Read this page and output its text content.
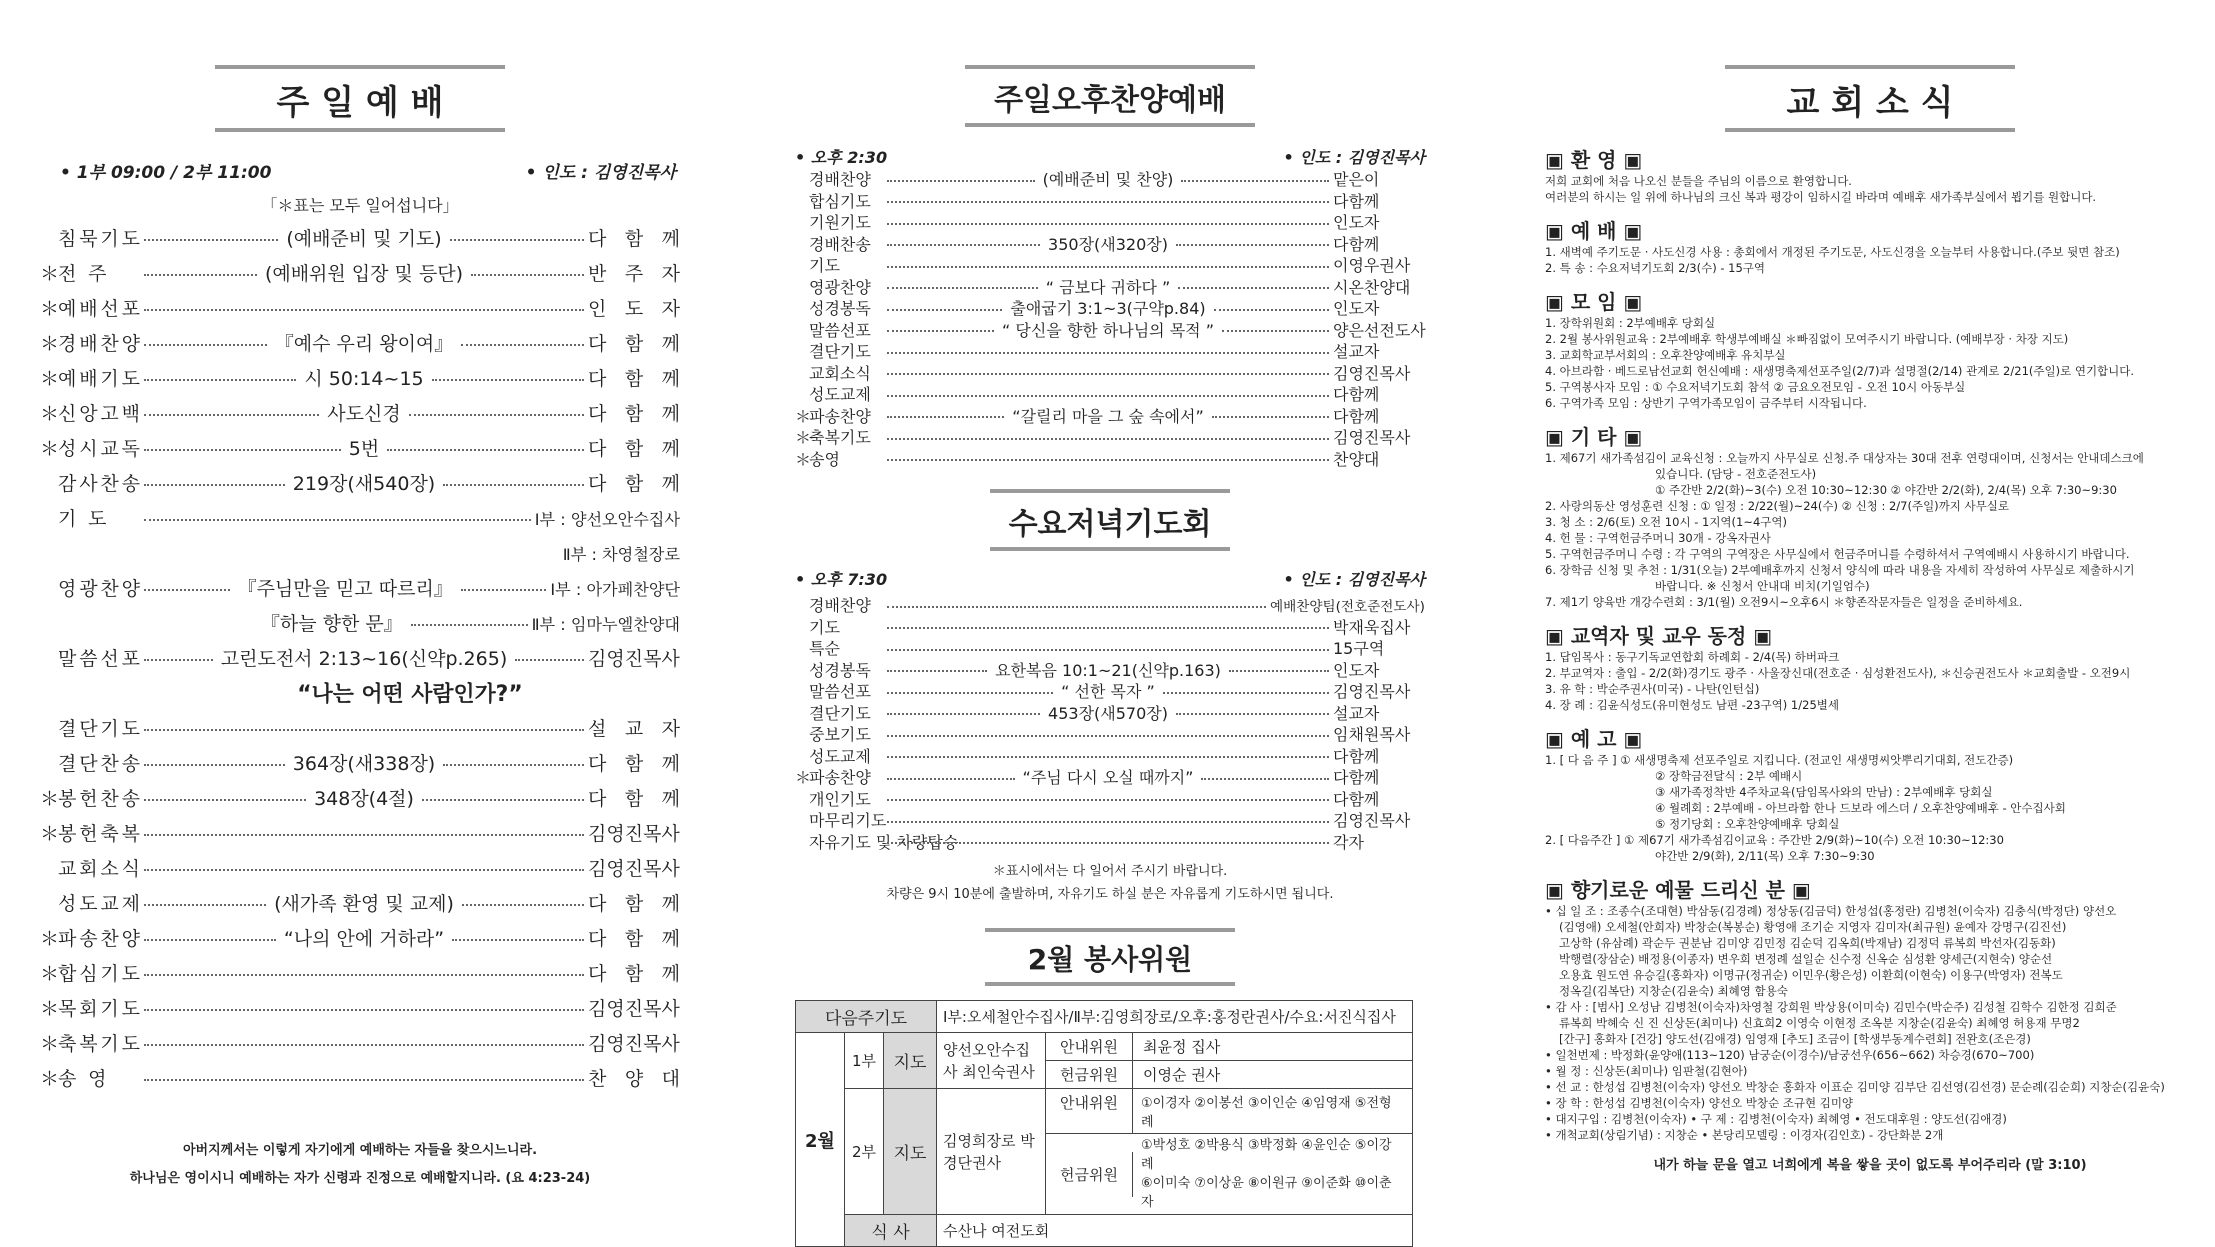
주 일 예 배
• 1부 09:00 / 2부 11:00	• 인도 : 김영진목사
「＊표는 모두 일어섭니다」
침묵기도	(예배준비 및 기도)	다 함 께
＊전 주	(예배위원 입장 및 등단)	반 주 자
＊예배선포	인 도 자
＊경배찬양	『예수 우리 왕이여』	다 함 께
＊예배기도	시 50:14~15	다 함 께
＊신앙고백	사도신경	다 함 께
＊성시교독	5번	다 함 께
감사찬송	219장(새540장)	다 함 께
기 도	Ⅰ부 : 양선오안수집사
Ⅱ부 : 차영철장로
영광찬양	『주님만을 믿고 따르리』	Ⅰ부 : 아가페찬양단
『하늘 향한 문』	Ⅱ부 : 임마누엘찬양대
말씀선포	고린도전서 2:13~16(신약p.265)	김영진목사
“나는 어떤 사람인가?”
결단기도	설 교 자
결단찬송	364장(새338장)	다 함 께
＊봉헌찬송	348장(4절)	다 함 께
＊봉헌축복	김영진목사
교회소식	김영진목사
성도교제	(새가족 환영 및 교제)	다 함 께
＊파송찬양	“나의 안에 거하라”	다 함 께
＊합심기도	다 함 께
＊목회기도	김영진목사
＊축복기도	김영진목사
＊송 영	찬 양 대
아버지께서는 이렇게 자기에게 예배하는 자들을 찾으시느니라.
하나님은 영이시니 예배하는 자가 신령과 진정으로 예배할지니라. (요 4:23-24)
주일오후찬양예배
• 오후 2:30	• 인도 : 김영진목사
경배찬양	(예배준비 및 찬양)	맡은이
합심기도	다함께
기원기도	인도자
경배찬송	350장(새320장)	다함께
기도	이영우권사
영광찬양	“ 금보다 귀하다 ”	시온찬양대
성경봉독	출애굽기 3:1~3(구약p.84)	인도자
말씀선포	“ 당신을 향한 하나님의 목적 ”	양은선전도사
결단기도	설교자
교회소식	김영진목사
성도교제	다함께
＊파송찬양	“갈릴리 마을 그 숲 속에서”	다함께
＊축복기도	김영진목사
＊송영	찬양대
수요저녁기도회
• 오후 7:30	• 인도 : 김영진목사
경배찬양	예배찬양팀(전호준전도사)
기도	박재욱집사
특순	15구역
성경봉독	요한복음 10:1~21(신약p.163)	인도자
말씀선포	“ 선한 목자 ”	김영진목사
결단기도	453장(새570장)	설교자
중보기도	임채원목사
성도교제	다함께
＊파송찬양	“주님 다시 오실 때까지”	다함께
개인기도	다함께
마무리기도	김영진목사
자유기도 및 차량탑승	각자
＊표시에서는 다 일어서 주시기 바랍니다.
차량은 9시 10분에 출발하며, 자유기도 하실 분은 자유롭게 기도하시면 됩니다.
2월 봉사위원
다음주기도			Ⅰ부:오세철안수집사/Ⅱ부:김영희장로/오후:홍정란권사/수요:서진식집사	
2월	1부	지도	양선오안수집사 최인숙권사	안내위원 최윤정 집사

				헌금위원 이영순 권사

	2부	지도	김영희장로 박경단권사	안내위원 ①이경자 ②이봉선 ③이인순 ④임영재 ⑤전형례

				헌금위원
①박성호 ②박용식 ③박정화 ④윤인순 ⑤이강례
⑥이미숙 ⑦이상윤 ⑧이원규 ⑨이준화 ⑩이춘자

	식 사		수산나 여전도회	
교 회 소 식
▣ 환 영 ▣
저희 교회에 처음 나오신 분들을 주님의 이름으로 환영합니다.
여러분의 하시는 일 위에 하나님의 크신 복과 평강이 임하시길 바라며 예배후 새가족부실에서 뵙기를 원합니다.
▣ 예 배 ▣
1. 새벽예 주기도문 · 사도신경 사용 : 총회에서 개정된 주기도문, 사도신경을 오늘부터 사용합니다.(주보 뒷면 참조)
2. 특 송 : 수요저녁기도회 2/3(수) - 15구역
▣ 모 임 ▣
1. 장학위원회 : 2부예배후 당회실
2. 2월 봉사위원교육 : 2부예배후 학생부예배실 ＊빠짐없이 모여주시기 바랍니다. (예배부장 · 차장 지도)
3. 교회학교부서회의 : 오후찬양예배후 유치부실
4. 아브라함 · 베드로남선교회 헌신예배 : 새생명축제선포주일(2/7)과 설명절(2/14) 관계로 2/21(주일)로 연기합니다.
5. 구역봉사자 모임 : ① 수요저녁기도회 참석 ② 금요오전모임 - 오전 10시 아동부실
6. 구역가족 모임 : 상반기 구역가족모임이 금주부터 시작됩니다.
▣ 기 타 ▣
1. 제67기 새가족섬김이 교육신청 : 오늘까지 사무실로 신청.주 대상자는 30대 전후 연령대이며, 신청서는 안내데스크에
있습니다. (담당 - 전호준전도사)
① 주간반 2/2(화)~3(수) 오전 10:30~12:30 ② 야간반 2/2(화), 2/4(목) 오후 7:30~9:30
2. 사랑의동산 영성훈련 신청 : ① 일정 : 2/22(월)~24(수) ② 신청 : 2/7(주일)까지 사무실로
3. 청 소 : 2/6(토) 오전 10시 - 1지역(1~4구역)
4. 헌 물 : 구역헌금주머니 30개 - 강옥자권사
5. 구역헌금주머니 수령 : 각 구역의 구역장은 사무실에서 헌금주머니를 수령하셔서 구역예배시 사용하시기 바랍니다.
6. 장학금 신청 및 추천 : 1/31(오늘) 2부예배후까지 신청서 양식에 따라 내용을 자세히 작성하여 사무실로 제출하시기
바랍니다. ※ 신청서 안내대 비치(기일엄수)
7. 제1기 양육반 개강수련회 : 3/1(월) 오전9시~오후6시 ＊향존작문자들은 일정을 준비하세요.
▣ 교역자 및 교우 동정 ▣
1. 답임목사 : 동구기독교연합회 하례회 - 2/4(목) 하버파크
2. 부교역자 : 출입 - 2/2(화)경기도 광주 · 사울장신대(전호준 · 심성환전도사), ＊신승권전도사 ＊교회출발 - 오전9시
3. 유 학 : 박순주권사(미국) - 나탄(인턴십)
4. 장 례 : 김윤식성도(유미현성도 남편 -23구역) 1/25별세
▣ 예 고 ▣
1. [ 다 음 주 ] ① 새생명축제 선포주일로 지킵니다. (전교인 새생명씨앗뿌리기대회, 전도간증)
② 장학금전달식 : 2부 예배시
③ 새가족정착반 4주차교육(담임목사와의 만남) : 2부예배후 당회실
④ 월례회 : 2부예배 - 아브라함 한나 드보라 에스더 / 오후찬양예배후 - 안수집사회
⑤ 정기당회 : 오후찬양예배후 당회실
2. [ 다음주간 ] ① 제67기 새가족섬김이교육 : 주간반 2/9(화)~10(수) 오전 10:30~12:30
야간반 2/9(화), 2/11(목) 오후 7:30~9:30
▣ 향기로운 예물 드리신 분 ▣
• 십 일 조 : 조종수(조대현) 박삼동(김경례) 정상동(김금덕) 한성섭(홍정란) 김병천(이숙자) 김충식(박정단) 양선오
(김영애) 오세철(안희자) 박창순(복봉순) 황영애 조기순 지영자 김미자(최규원) 윤예자 강명구(김진선)
고상학 (유삼례) 곽순두 권분남 김미양 김민정 김순덕 김옥희(박재남) 김정덕 류복희 박선자(김동화)
박행렬(장삼순) 배정용(이종자) 변우희 변정례 설일순 신수정 신옥순 심성환 양세근(지현숙) 양순선
오용효 원도연 유승길(홍화자) 이명규(정귀순) 이민우(황은성) 이환희(이현숙) 이용구(박영자) 전복도
정옥길(김복단) 지창순(김윤숙) 최혜영 함용숙
• 감 사 : [범사] 오성남 김병천(이숙자)차영철 강희원 박상용(이미숙) 김민수(박순주) 김성철 김학수 김한정 김희준
류복희 박혜숙 신 진 신상돈(최미나) 신효희2 이영숙 이현정 조옥분 지창순(김윤숙) 최혜영 허용재 무명2
[간구] 홍화자 [건강] 양도선(김애경) 임영재 [추도] 조금이 [학생부동계수련회] 전완호(조은경)
• 일천번제 : 박정화(윤양애(113~120) 남궁순(이경수)/남궁선우(656~662) 차승경(670~700)
• 월 정 : 신상돈(최미나) 임판철(김현아)
• 선 교 : 한성섭 김병천(이숙자) 양선오 박창순 홍화자 이표순 김미양 김부단 김선영(김선경) 문순례(김순희) 지창순(김윤숙)
• 장 학 : 한성섭 김병천(이숙자) 양선오 박창순 조규현 김미양
• 대지구입 : 김병천(이숙자) • 구 제 : 김병천(이숙자) 최혜영 • 전도대후원 : 양도선(김애경)
• 개척교회(상림기념) : 지창순 • 본당리모델링 : 이경자(김인호) - 강단화분 2개
내가 하늘 문을 열고 너희에게 복을 쌓을 곳이 없도록 부어주리라 (말 3:10)
